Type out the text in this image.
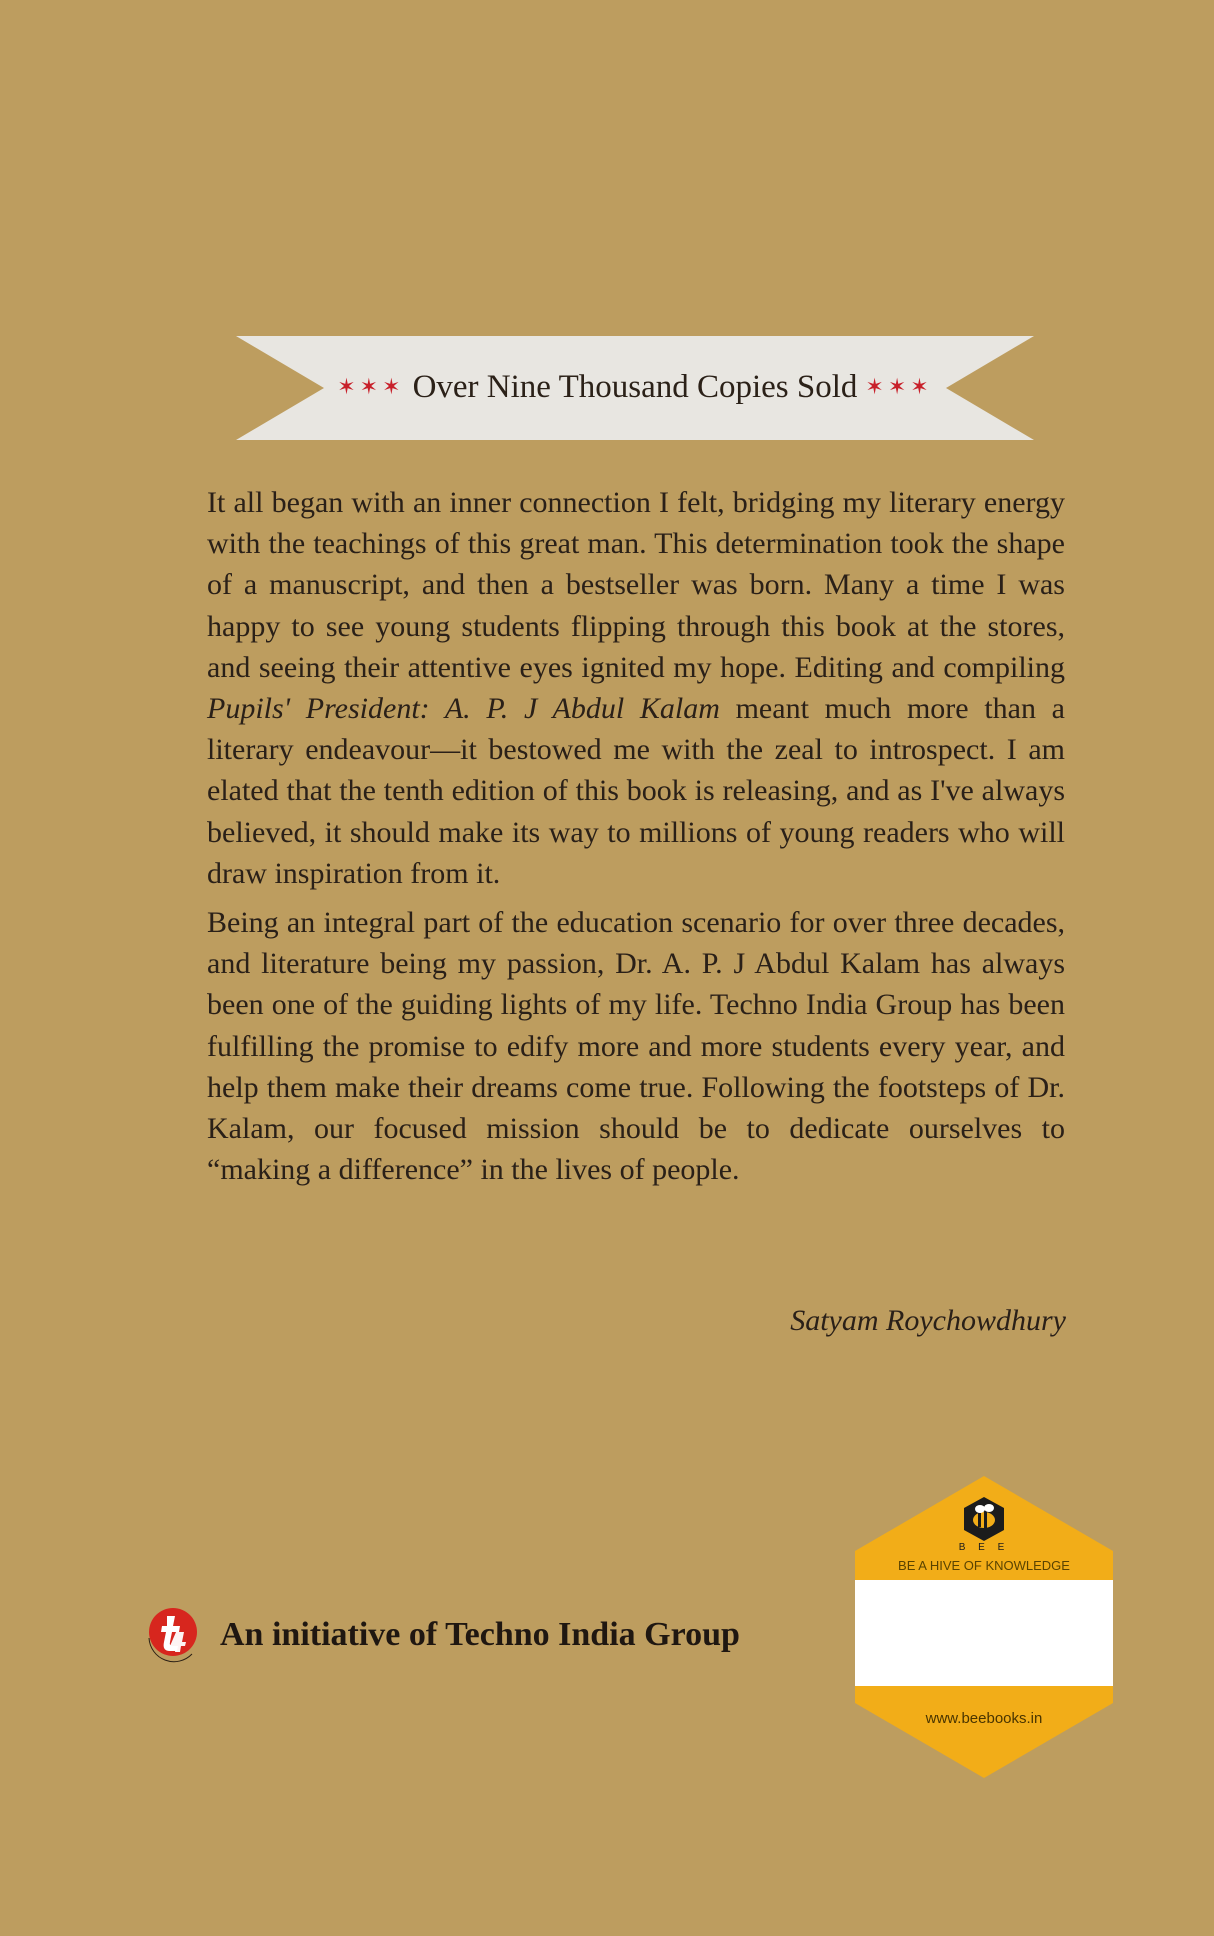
✶✶✶ Over Nine Thousand Copies Sold ✶✶✶

It all began with an inner connection I felt, bridging my literary energy with the teachings of this great man. This determination took the shape of a manuscript, and then a bestseller was born. Many a time I was happy to see young students flipping through this book at the stores, and seeing their attentive eyes ignited my hope. Editing and compiling Pupils' President: A. P. J Abdul Kalam meant much more than a literary endeavour—it bestowed me with the zeal to introspect. I am elated that the tenth edition of this book is releasing, and as I've always believed, it should make its way to millions of young readers who will draw inspiration from it.

Being an integral part of the education scenario for over three decades, and literature being my passion, Dr. A. P. J Abdul Kalam has always been one of the guiding lights of my life. Techno India Group has been fulfilling the promise to edify more and more students every year, and help them make their dreams come true. Following the footsteps of Dr. Kalam, our focused mission should be to dedicate ourselves to “making a difference” in the lives of people.

Satyam Roychowdhury
An initiative of Techno India Group
B E E
BE A HIVE OF KNOWLEDGE
www.beebooks.in
